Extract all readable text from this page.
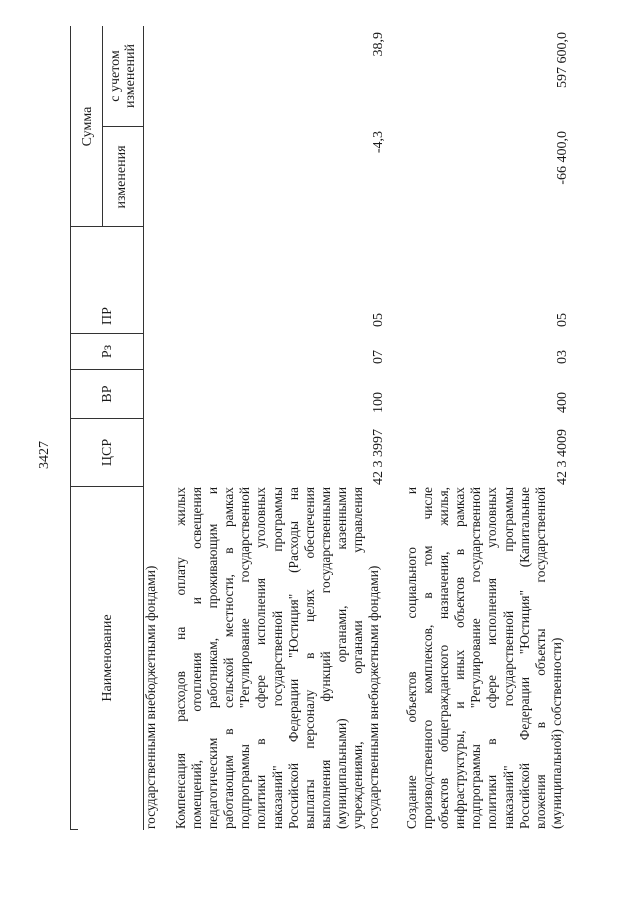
3427
Наименование
ЦСР
ВР
Рз
ПР
Сумма
изменения
с учетом изменений
государственными внебюджетными фондами) Компенсация расходов на оплату жилых помещений, отопления и освещения педагогическим работникам, проживающим и работающим в сельской местности, в рамках подпрограммы "Регулирование государственной политики в сфере исполнения уголовных наказаний" государственной программы Российской Федерации "Юстиция" (Расходы на выплаты персоналу в целях обеспечения выполнения функций государственными (муниципальными) органами, казенными учреждениями, органами управления государственными внебюджетными фондами)
42 3 3997
100
07
05
-4,3
38,9
Создание объектов социального и производственного комплексов, в том числе объектов общегражданского назначения, жилья, инфраструктуры, и иных объектов в рамках подпрограммы "Регулирование государственной политики в сфере исполнения уголовных наказаний" государственной программы Российской Федерации "Юстиция" (Капитальные вложения в объекты государственной (муниципальной) собственности)
42 3 4009
400
03
05
-66 400,0
597 600,0
